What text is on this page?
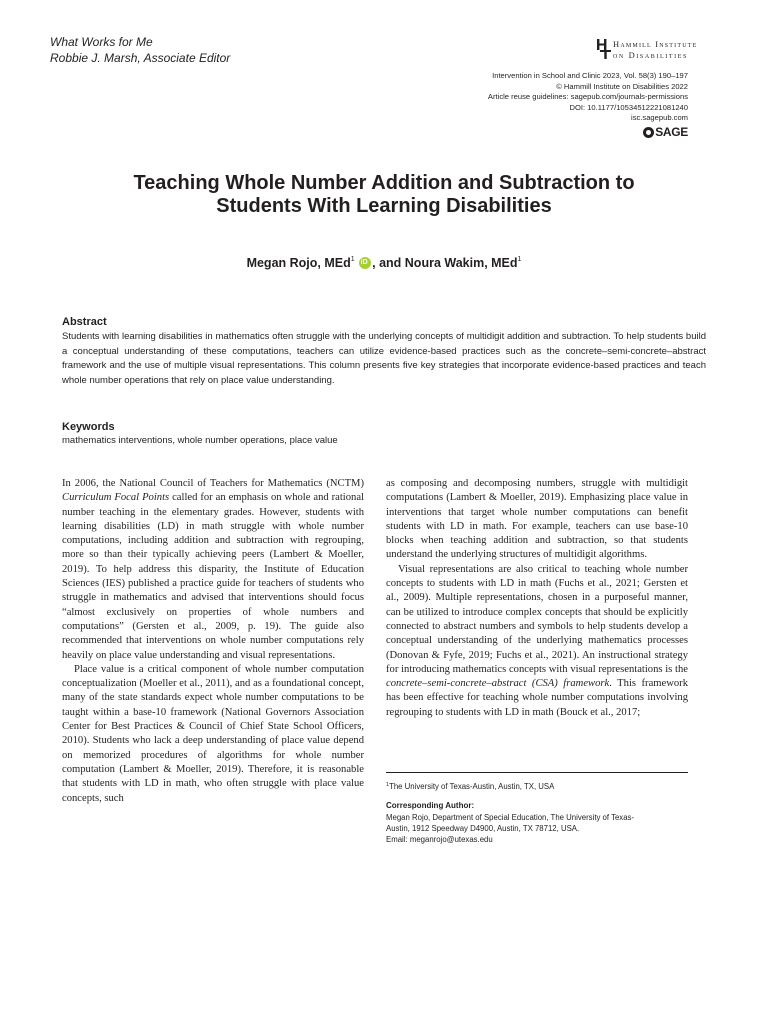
What Works for Me
Robbie J. Marsh, Associate Editor
Hammill Institute
on Disabilities
Intervention in School and Clinic 2023, Vol. 58(3) 190–197
© Hammill Institute on Disabilities 2022
Article reuse guidelines: sagepub.com/journals-permissions
DOI: 10.1177/10534512221081240
isc.sagepub.com
SAGE
Teaching Whole Number Addition and Subtraction to
Students With Learning Disabilities
Megan Rojo, MEd$^1$ iD , and Noura Wakim, MEd$^1$
Abstract
Students with learning disabilities in mathematics often struggle with the underlying concepts of multidigit addition and subtraction. To help students build a conceptual understanding of these computations, teachers can utilize evidence-based practices such as the concrete–semi-concrete–abstract framework and the use of multiple visual representations. This column presents five key strategies that incorporate evidence-based practices and teach whole number operations that rely on place value understanding.
Keywords
mathematics interventions, whole number operations, place value

In 2006, the National Council of Teachers for Mathematics (NCTM) Curriculum Focal Points called for an emphasis on whole and rational number teaching in the elementary grades. However, students with learning disabilities (LD) in math struggle with whole number computations, including addition and subtraction with regrouping, more so than their typically achieving peers (Lambert & Moeller, 2019). To help address this disparity, the Institute of Education Sciences (IES) published a practice guide for teachers of students who struggle in mathematics and advised that interventions should focus “almost exclusively on properties of whole numbers and computations” (Gersten et al., 2009, p. 19). The guide also recommended that interventions on whole number computations rely heavily on place value understanding and visual representations.

Place value is a critical component of whole number computation conceptualization (Moeller et al., 2011), and as a foundational concept, many of the state standards expect whole number computations to be taught within a base-10 framework (National Governors Association Center for Best Practices & Council of Chief State School Officers, 2010). Students who lack a deep understanding of place value depend on memorized procedures of algorithms for whole number computation (Lambert & Moeller, 2019). Therefore, it is reasonable that students with LD in math, who often struggle with place value concepts, such

as composing and decomposing numbers, struggle with multidigit computations (Lambert & Moeller, 2019). Emphasizing place value in interventions that target whole number computations can benefit students with LD in math. For example, teachers can use base-10 blocks when teaching addition and subtraction, so that students understand the underlying structures of multidigit algorithms.

Visual representations are also critical to teaching whole number concepts to students with LD in math (Fuchs et al., 2021; Gersten et al., 2009). Multiple representations, chosen in a purposeful manner, can be utilized to introduce complex concepts that should be explicitly connected to abstract numbers and symbols to help students develop a conceptual understanding of the underlying mathematics processes (Donovan & Fyfe, 2019; Fuchs et al., 2021). An instructional strategy for introducing mathematics concepts with visual representations is the concrete–semi-concrete–abstract (CSA) framework. This framework has been effective for teaching whole number computations involving regrouping to students with LD in math (Bouck et al., 2017;

$^1$The University of Texas-Austin, Austin, TX, USA
Corresponding Author:
Megan Rojo, Department of Special Education, The University of Texas-
Austin, 1912 Speedway D4900, Austin, TX 78712, USA.
Email: meganrojo@utexas.edu
